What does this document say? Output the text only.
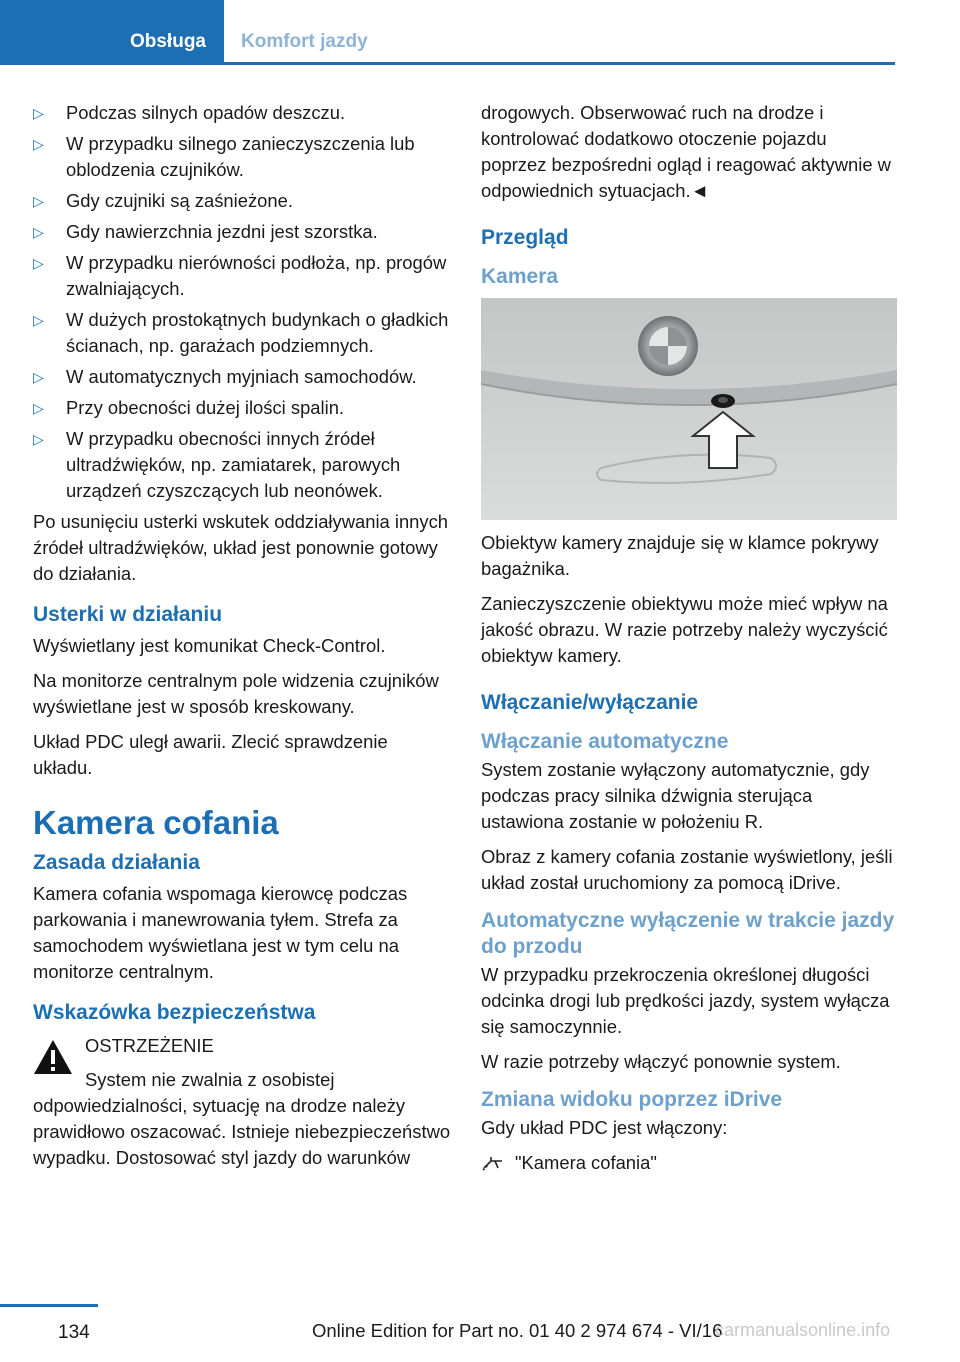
Obsługa	Komfort jazdy
▷ Podczas silnych opadów deszczu.
▷ W przypadku silnego zanieczyszczenia lub oblodzenia czujników.
▷ Gdy czujniki są zaśnieżone.
▷ Gdy nawierzchnia jezdni jest szorstka.
▷ W przypadku nierówności podłoża, np. progów zwalniających.
▷ W dużych prostokątnych budynkach o gładkich ścianach, np. garażach podziemnych.
▷ W automatycznych myjniach samochodów.
▷ Przy obecności dużej ilości spalin.
▷ W przypadku obecności innych źródeł ultradźwięków, np. zamiatarek, parowych urządzeń czyszczących lub neonówek.

Po usunięciu usterki wskutek oddziaływania innych źródeł ultradźwięków, układ jest ponownie gotowy do działania.

Usterki w działaniu

Wyświetlany jest komunikat Check-Control.

Na monitorze centralnym pole widzenia czujników wyświetlane jest w sposób kreskowany.

Układ PDC uległ awarii. Zlecić sprawdzenie układu.

Kamera cofania
Zasada działania

Kamera cofania wspomaga kierowcę podczas parkowania i manewrowania tyłem. Strefa za samochodem wyświetlana jest w tym celu na monitorze centralnym.

Wskazówka bezpieczeństwa

OSTRZEŻENIE

System nie zwalnia z osobistej odpowiedzialności, sytuację na drodze należy prawidłowo oszacować. Istnieje niebezpieczeństwo wypadku. Dostosować styl jazdy do warunków

drogowych. Obserwować ruch na drodze i kontrolować dodatkowo otoczenie pojazdu poprzez bezpośredni ogląd i reagować aktywnie w odpowiednich sytuacjach.◄

Przegląd
Kamera

Obiektyw kamery znajduje się w klamce pokrywy bagażnika.

Zanieczyszczenie obiektywu może mieć wpływ na jakość obrazu. W razie potrzeby należy wyczyścić obiektyw kamery.

Włączanie/wyłączanie
Włączanie automatyczne

System zostanie wyłączony automatycznie, gdy podczas pracy silnika dźwignia sterująca ustawiona zostanie w położeniu R.

Obraz z kamery cofania zostanie wyświetlony, jeśli układ został uruchomiony za pomocą iDrive.

Automatyczne wyłączenie w trakcie jazdy do przodu

W przypadku przekroczenia określonej długości odcinka drogi lub prędkości jazdy, system wyłącza się samoczynnie.

W razie potrzeby włączyć ponownie system.

Zmiana widoku poprzez iDrive

Gdy układ PDC jest włączony:

"Kamera cofania"
134	Online Edition for Part no. 01 40 2 974 674 - VI/16
carmanualsonline.info
